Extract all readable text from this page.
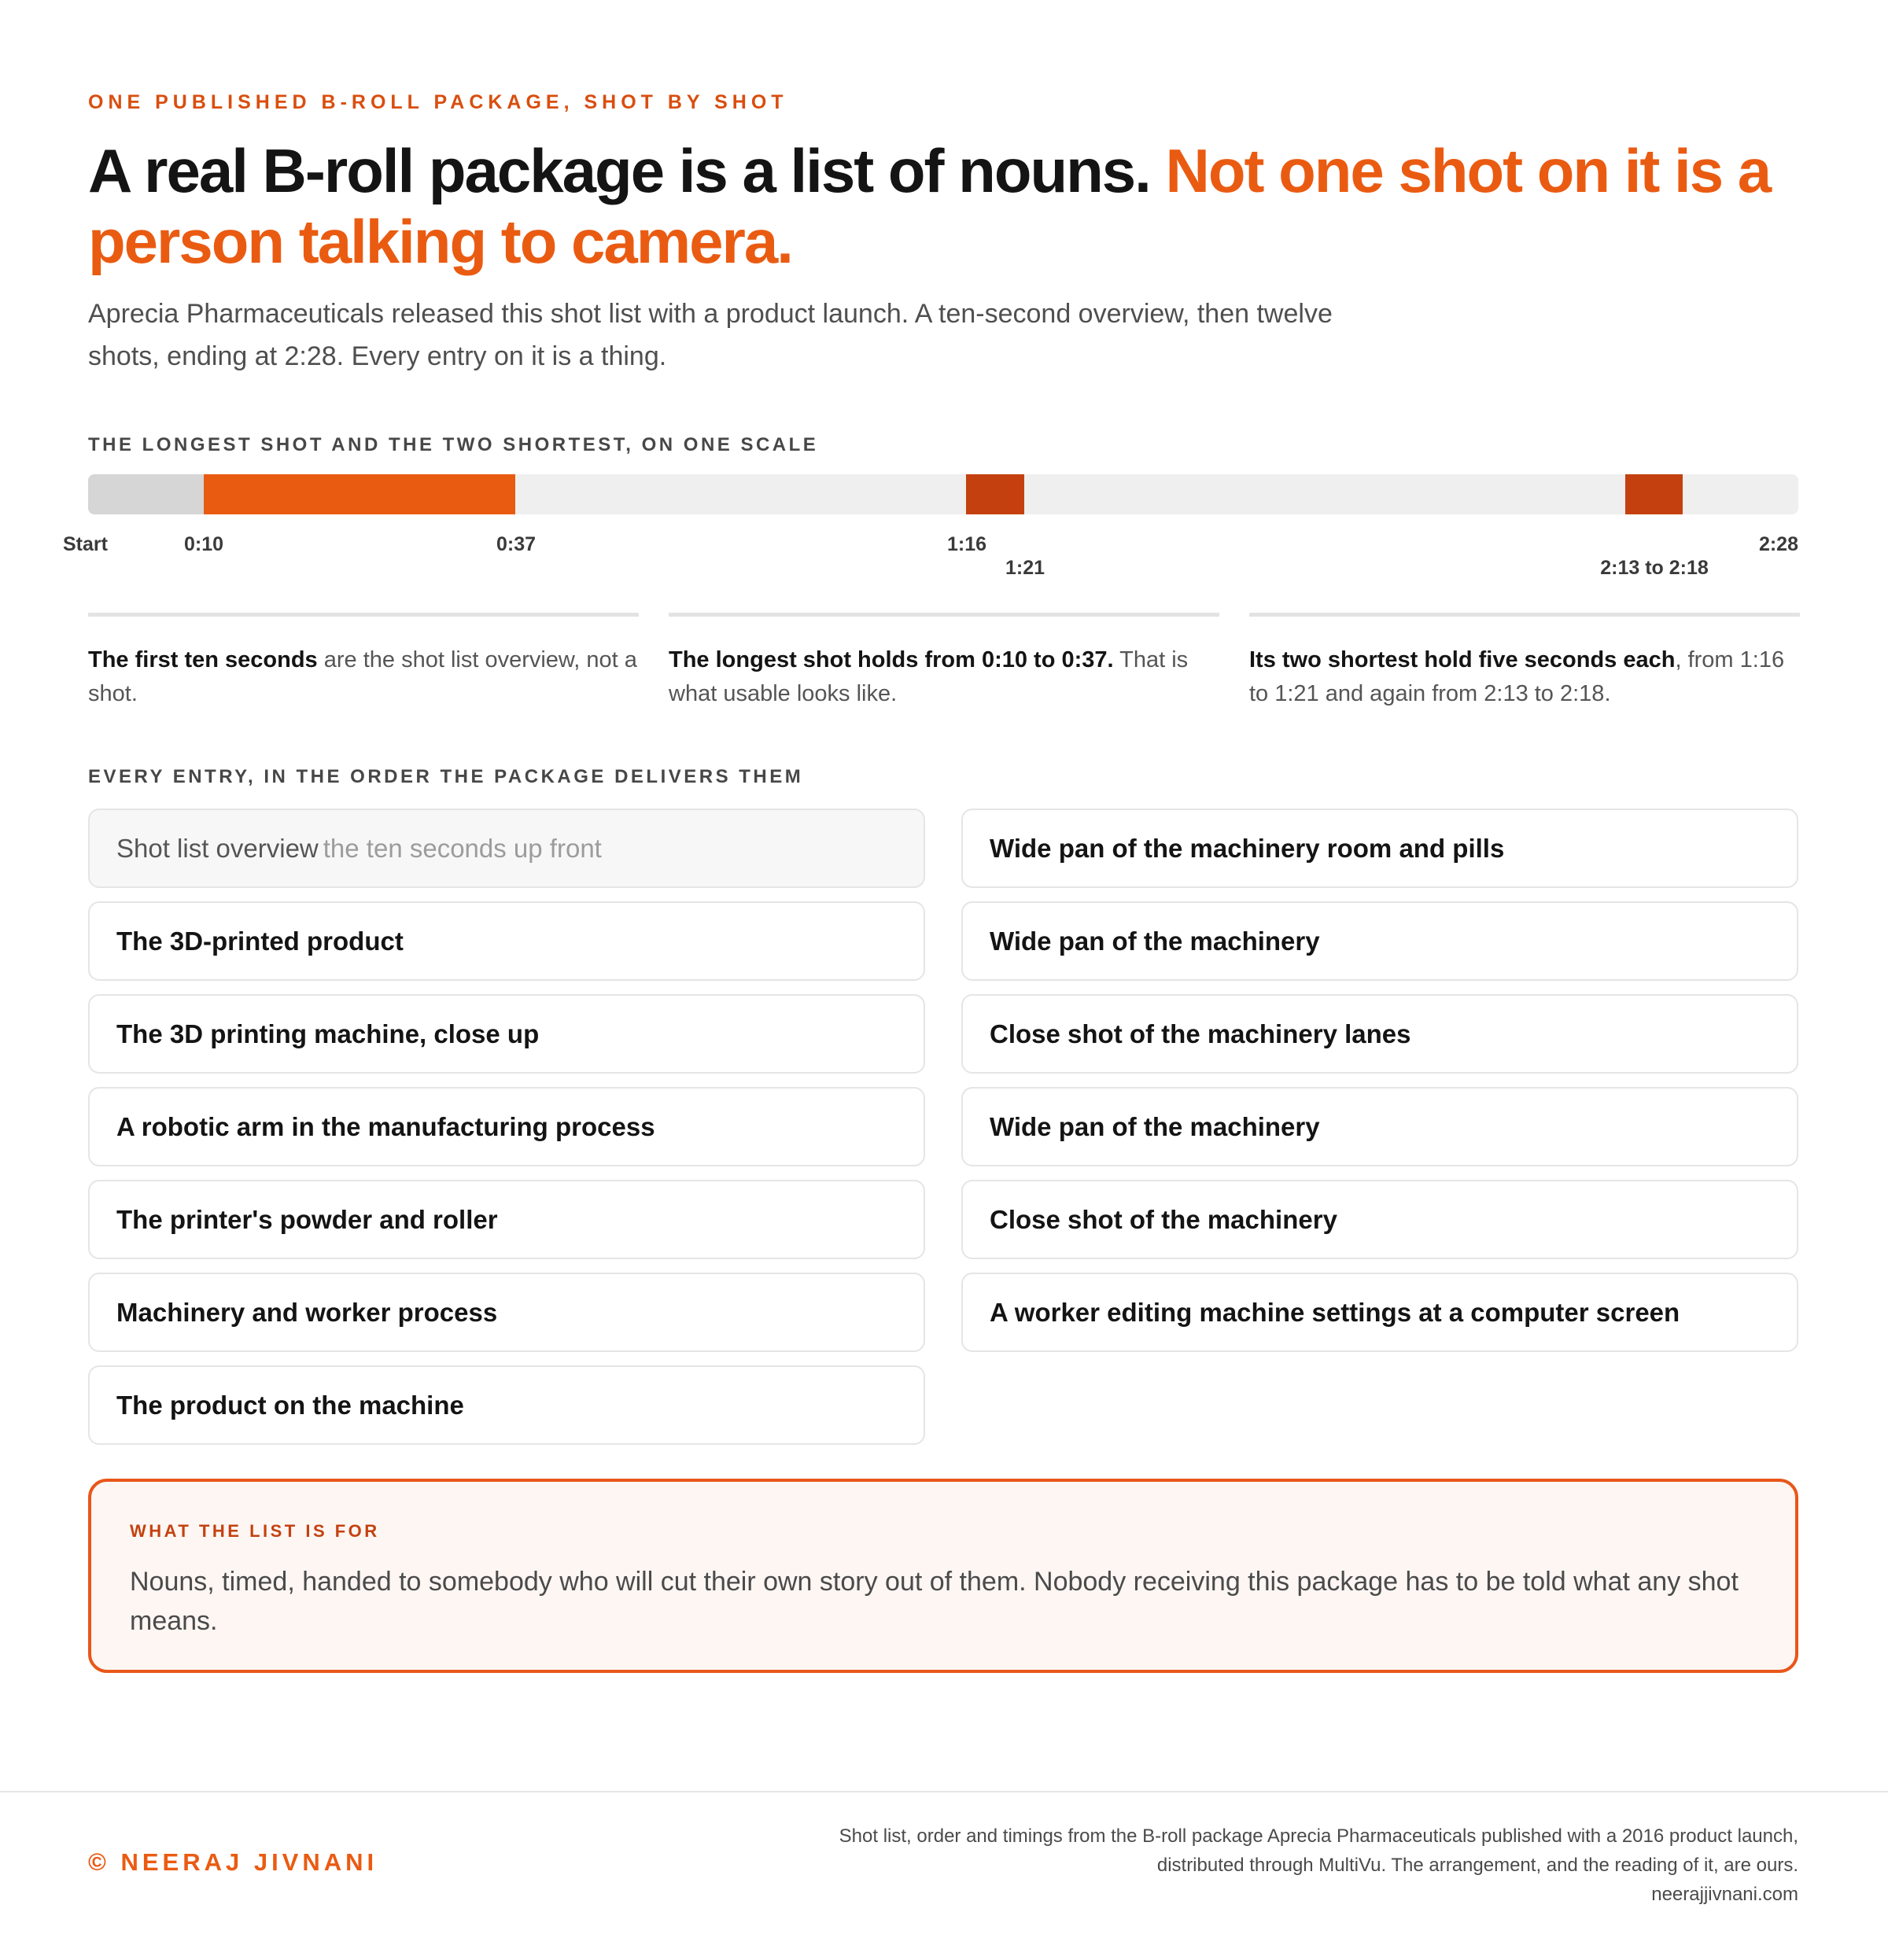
ONE PUBLISHED B-ROLL PACKAGE, SHOT BY SHOT
A real B-roll package is a list of nouns. Not one shot on it is a person talking to camera.

Aprecia Pharmaceuticals released this shot list with a product launch. A ten-second overview, then twelve shots, ending at 2:28. Every entry on it is a thing.

THE LONGEST SHOT AND THE TWO SHORTEST, ON ONE SCALE
Start	0:10	0:37	1:16
1:21	2:13 to 2:18
2:28
The first ten seconds are the shot list overview, not a shot.
The longest shot holds from 0:10 to 0:37. That is what usable looks like.
Its two shortest hold five seconds each, from 1:16 to 1:21 and again from 2:13 to 2:18.
EVERY ENTRY, IN THE ORDER THE PACKAGE DELIVERS THEM
Shot list overview the ten seconds up front
The 3D-printed product
The 3D printing machine, close up
A robotic arm in the manufacturing process
The printer's powder and roller
Machinery and worker process
The product on the machine
Wide pan of the machinery room and pills
Wide pan of the machinery
Close shot of the machinery lanes
Wide pan of the machinery
Close shot of the machinery
A worker editing machine settings at a computer screen
WHAT THE LIST IS FOR
Nouns, timed, handed to somebody who will cut their own story out of them. Nobody receiving this package has to be told what any shot means.
© NEERAJ JIVNANI
Shot list, order and timings from the B-roll package Aprecia Pharmaceuticals published with a 2016 product launch,
distributed through MultiVu. The arrangement, and the reading of it, are ours.
neerajjivnani.com
